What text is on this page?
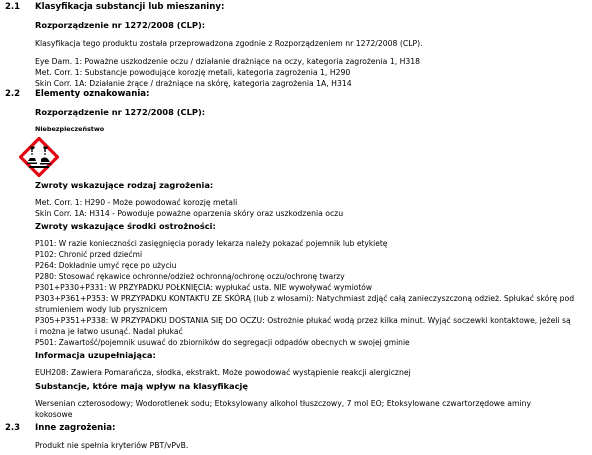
2.1 Klasyfikacja substancji lub mieszaniny:
Rozporządzenie nr 1272/2008 (CLP):
Klasyfikacja tego produktu została przeprowadzona zgodnie z Rozporządzeniem nr 1272/2008 (CLP).
Eye Dam. 1: Poważne uszkodzenie oczu / działanie drażniące na oczy, kategoria zagrożenia 1, H318
Met. Corr. 1: Substancje powodujące korozję metali, kategoria zagrożenia 1, H290
Skin Corr. 1A: Działanie żrące / drażniące na skórę, kategoria zagrożenia 1A, H314
2.2 Elementy oznakowania:
Rozporządzenie nr 1272/2008 (CLP):
Niebezpieczeństwo
Zwroty wskazujące rodzaj zagrożenia:
Met. Corr. 1: H290 - Może powodować korozję metali
Skin Corr. 1A: H314 - Powoduje poważne oparzenia skóry oraz uszkodzenia oczu
Zwroty wskazujące środki ostrożności:
P101: W razie konieczności zasięgnięcia porady lekarza należy pokazać pojemnik lub etykietę
P102: Chronić przed dziećmi
P264: Dokładnie umyć ręce po użyciu
P280: Stosować rękawice ochronne/odzież ochronną/ochronę oczu/ochronę twarzy
P301+P330+P331: W PRZYPADKU POŁKNIĘCIA: wypłukać usta. NIE wywoływać wymiotów
P303+P361+P353: W PRZYPADKU KONTAKTU ZE SKÓRĄ (lub z włosami): Natychmiast zdjąć całą zanieczyszczoną odzież. Spłukać skórę pod strumieniem wody lub prysznicem
P305+P351+P338: W PRZYPADKU DOSTANIA SIĘ DO OCZU: Ostrożnie płukać wodą przez kilka minut. Wyjąć soczewki kontaktowe, jeżeli są i można je łatwo usunąć. Nadal płukać
P501: Zawartość/pojemnik usuwać do zbiorników do segregacji odpadów obecnych w swojej gminie
Informacja uzupełniająca:
EUH208: Zawiera Pomarańcza, słodka, ekstrakt. Może powodować wystąpienie reakcji alergicznej
Substancje, które mają wpływ na klasyfikację
Wersenian czterosodowy; Wodorotlenek sodu; Etoksylowany alkohol tłuszczowy, 7 mol EO; Etoksylowane czwartorzędowe aminy kokosowe
2.3 Inne zagrożenia:
Produkt nie spełnia kryteriów PBT/vPvB.
